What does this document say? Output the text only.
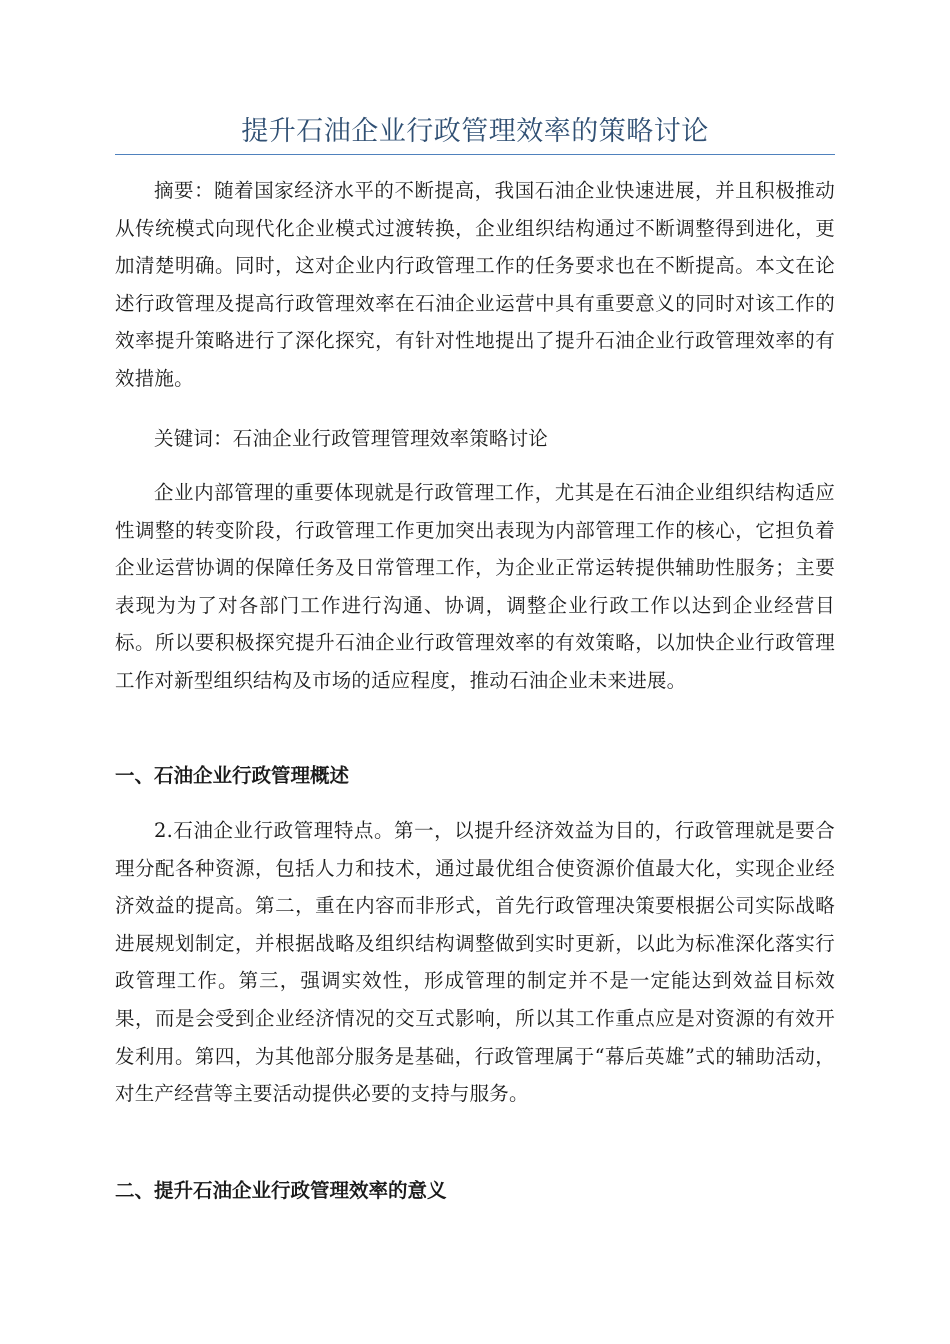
提升石油企业行政管理效率的策略讨论

摘要：随着国家经济水平的不断提高，我国石油企业快速进展，并且积极推动从传统模式向现代化企业模式过渡转换，企业组织结构通过不断调整得到进化，更加清楚明确。同时，这对企业内行政管理工作的任务要求也在不断提高。本文在论述行政管理及提高行政管理效率在石油企业运营中具有重要意义的同时对该工作的效率提升策略进行了深化探究，有针对性地提出了提升石油企业行政管理效率的有效措施。

关键词：石油企业行政管理管理效率策略讨论

企业内部管理的重要体现就是行政管理工作，尤其是在石油企业组织结构适应性调整的转变阶段，行政管理工作更加突出表现为内部管理工作的核心，它担负着企业运营协调的保障任务及日常管理工作，为企业正常运转提供辅助性服务；主要表现为为了对各部门工作进行沟通、协调，调整企业行政工作以达到企业经营目标。所以要积极探究提升石油企业行政管理效率的有效策略，以加快企业行政管理工作对新型组织结构及市场的适应程度，推动石油企业未来进展。

一、石油企业行政管理概述

2.石油企业行政管理特点。第一，以提升经济效益为目的，行政管理就是要合理分配各种资源，包括人力和技术，通过最优组合使资源价值最大化，实现企业经济效益的提高。第二，重在内容而非形式，首先行政管理决策要根据公司实际战略进展规划制定，并根据战略及组织结构调整做到实时更新，以此为标准深化落实行政管理工作。第三，强调实效性，形成管理的制定并不是一定能达到效益目标效果，而是会受到企业经济情况的交互式影响，所以其工作重点应是对资源的有效开发利用。第四，为其他部分服务是基础，行政管理属于“幕后英雄”式的辅助活动，对生产经营等主要活动提供必要的支持与服务。

二、提升石油企业行政管理效率的意义
